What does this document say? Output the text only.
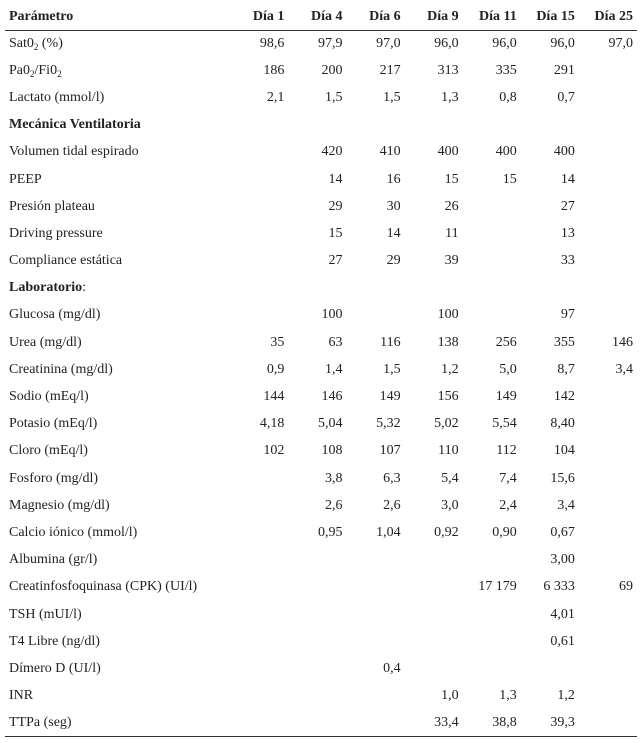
Parámetro	Día 1	Día 4	Día 6	Día 9	Día 11	Día 15	Día 25
$Sat0_2$ (%)	98,6	97,9	97,0	96,0	96,0	96,0	97,0
$Pa0_2/Fi0_2$	186	200	217	313	335	291	
Lactato (mmol/l)	2,1	1,5	1,5	1,3	0,8	0,7	
Mecánica Ventilatoria							
Volumen tidal espirado		420	410	400	400	400	
PEEP		14	16	15	15	14	
Presión plateau		29	30	26		27	
Driving pressure		15	14	11		13	
Compliance estática		27	29	39		33	
Laboratorio:							
Glucosa (mg/dl)		100		100		97	
Urea (mg/dl)	35	63	116	138	256	355	146
Creatinina (mg/dl)	0,9	1,4	1,5	1,2	5,0	8,7	3,4
Sodio (mEq/l)	144	146	149	156	149	142	
Potasio (mEq/l)	4,18	5,04	5,32	5,02	5,54	8,40	
Cloro (mEq/l)	102	108	107	110	112	104	
Fosforo (mg/dl)		3,8	6,3	5,4	7,4	15,6	
Magnesio (mg/dl)		2,6	2,6	3,0	2,4	3,4	
Calcio iónico (mmol/l)		0,95	1,04	0,92	0,90	0,67	
Albumina (gr/l)						3,00	
Creatinfosfoquinasa (CPK) (UI/l)					17 179	6 333	69
TSH (mUI/l)						4,01	
T4 Libre (ng/dl)						0,61	
Dímero D (UI/l)			0,4				
INR				1,0	1,3	1,2	
TTPa (seg)				33,4	38,8	39,3	
